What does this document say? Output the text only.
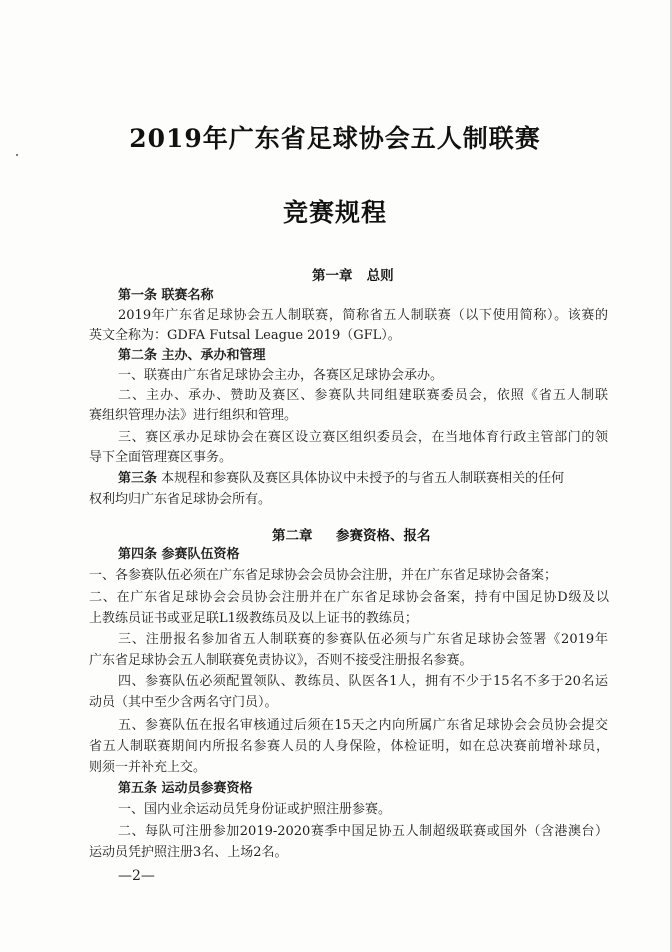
2019年广东省足球协会五人制联赛
竞赛规程
第一章   总则
第一条 联赛名称
2019年广东省足球协会五人制联赛，简称省五人制联赛（以下使用简称）。该赛的
英文全称为：GDFA Futsal League 2019（GFL）。
第二条 主办、承办和管理
一、联赛由广东省足球协会主办，各赛区足球协会承办。
二、主办、承办、赞助及赛区、参赛队共同组建联赛委员会，依照《省五人制联
赛组织管理办法》进行组织和管理。
三、赛区承办足球协会在赛区设立赛区组织委员会，在当地体育行政主管部门的领
导下全面管理赛区事务。
第三条 本规程和参赛队及赛区具体协议中未授予的与省五人制联赛相关的任何
权利均归广东省足球协会所有。
第二章     参赛资格、报名
第四条 参赛队伍资格
一、各参赛队伍必须在广东省足球协会会员协会注册，并在广东省足球协会备案；
二、在广东省足球协会会员协会注册并在广东省足球协会备案，持有中国足协D级及以
上教练员证书或亚足联L1级教练员及以上证书的教练员；
三、注册报名参加省五人制联赛的参赛队伍必须与广东省足球协会签署《2019年
广东省足球协会五人制联赛免责协议》，否则不接受注册报名参赛。
四、参赛队伍必须配置领队、教练员、队医各1人，拥有不少于15名不多于20名运
动员（其中至少含两名守门员）。
五、参赛队伍在报名审核通过后须在15天之内向所属广东省足球协会会员协会提交
省五人制联赛期间内所报名参赛人员的人身保险，体检证明，如在总决赛前增补球员，
则须一并补充上交。
第五条 运动员参赛资格
一、国内业余运动员凭身份证或护照注册参赛。
二、每队可注册参加2019-2020赛季中国足协五人制超级联赛或国外（含港澳台）
运动员凭护照注册3名、上场2名。
—2—
